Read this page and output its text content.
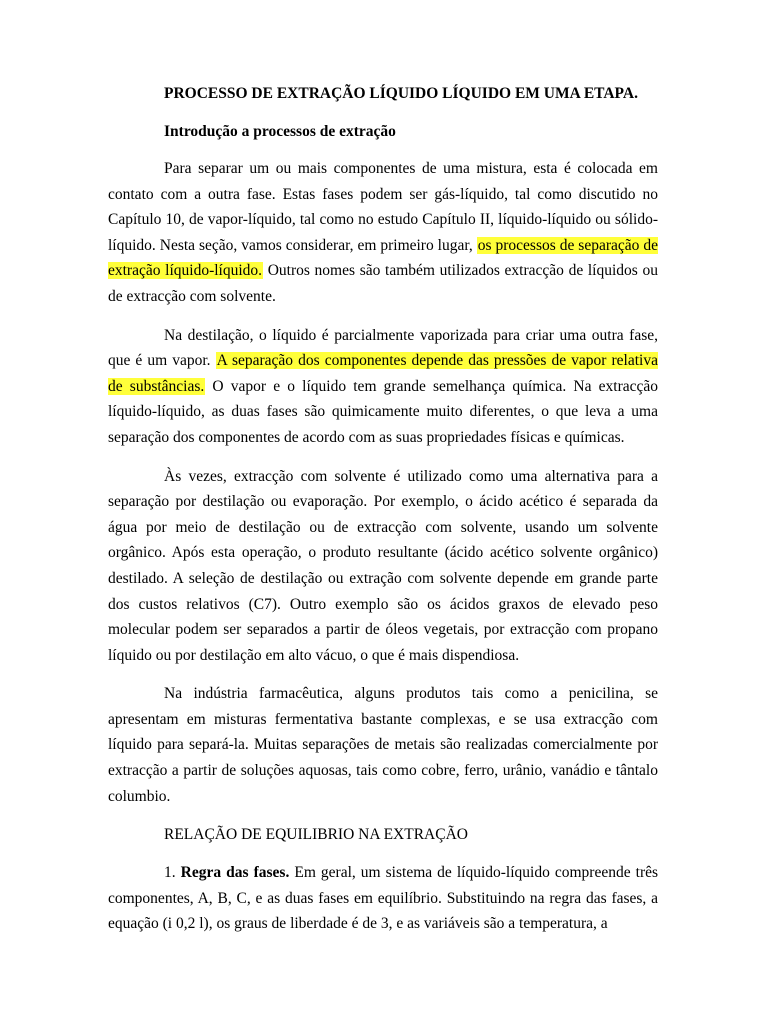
PROCESSO DE EXTRAÇÃO LÍQUIDO LÍQUIDO EM UMA ETAPA.
Introdução a processos de extração

Para separar um ou mais componentes de uma mistura, esta é colocada em contato com a outra fase. Estas fases podem ser gás-líquido, tal como discutido no Capítulo 10, de vapor-líquido, tal como no estudo Capítulo II, líquido-líquido ou sólido-líquido. Nesta seção, vamos considerar, em primeiro lugar, os processos de separação de extração líquido-líquido. Outros nomes são também utilizados extracção de líquidos ou de extracção com solvente.

Na destilação, o líquido é parcialmente vaporizada para criar uma outra fase, que é um vapor. A separação dos componentes depende das pressões de vapor relativa de substâncias. O vapor e o líquido tem grande semelhança química. Na extracção líquido-líquido, as duas fases são quimicamente muito diferentes, o que leva a uma separação dos componentes de acordo com as suas propriedades físicas e químicas.

Às vezes, extracção com solvente é utilizado como uma alternativa para a separação por destilação ou evaporação. Por exemplo, o ácido acético é separada da água por meio de destilação ou de extracção com solvente, usando um solvente orgânico. Após esta operação, o produto resultante (ácido acético solvente orgânico) destilado. A seleção de destilação ou extração com solvente depende em grande parte dos custos relativos (C7). Outro exemplo são os ácidos graxos de elevado peso molecular podem ser separados a partir de óleos vegetais, por extracção com propano líquido ou por destilação em alto vácuo, o que é mais dispendiosa.

Na indústria farmacêutica, alguns produtos tais como a penicilina, se apresentam em misturas fermentativa bastante complexas, e se usa extracção com líquido para separá-la. Muitas separações de metais são realizadas comercialmente por extracção a partir de soluções aquosas, tais como cobre, ferro, urânio, vanádio e tântalo columbio.

RELAÇÃO DE EQUILIBRIO NA EXTRAÇÃO

1. Regra das fases. Em geral, um sistema de líquido-líquido compreende três componentes, A, B, C, e as duas fases em equilíbrio. Substituindo na regra das fases, a equação (i 0,2 l), os graus de liberdade é de 3, e as variáveis são a temperatura, a
